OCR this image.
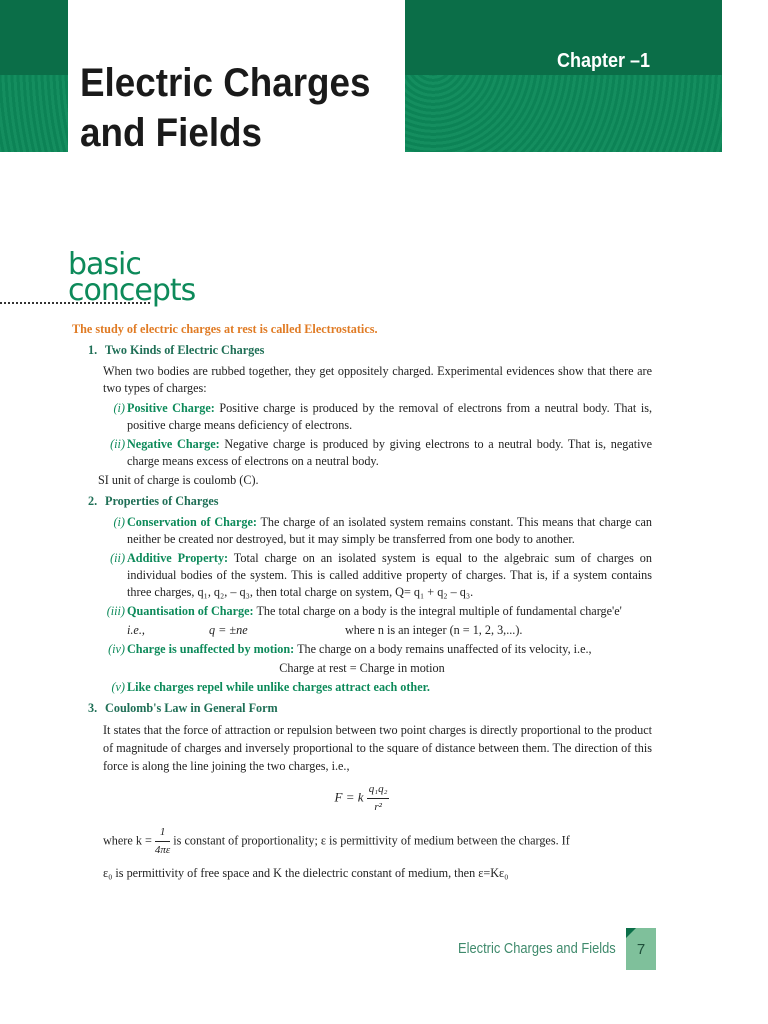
Electric Charges and Fields
Chapter –1
basic
concepts

The study of electric charges at rest is called Electrostatics.

1. Two Kinds of Electric Charges

When two bodies are rubbed together, they get oppositely charged. Experimental evidences show that there are two types of charges:

(i) Positive Charge: Positive charge is produced by the removal of electrons from a neutral body. That is, positive charge means deficiency of electrons.
(ii) Negative Charge: Negative charge is produced by giving electrons to a neutral body. That is, negative charge means excess of electrons on a neutral body.

SI unit of charge is coulomb (C).

2. Properties of Charges
(i) Conservation of Charge: The charge of an isolated system remains constant. This means that charge can neither be created nor destroyed, but it may simply be transferred from one body to another.
(ii) Additive Property: Total charge on an isolated system is equal to the algebraic sum of charges on individual bodies of the system. This is called additive property of charges. That is, if a system contains three charges, q₁, q₂, – q₃, then total charge on system, Q= q₁ + q₂ – q₃.
(iii) Quantisation of Charge: The total charge on a body is the integral multiple of fundamental charge'e'
i.e.,	q = ±ne	where n is an integer (n = 1, 2, 3,...).
(iv) Charge is unaffected by motion: The charge on a body remains unaffected of its velocity, i.e.,
Charge at rest = Charge in motion
(v) Like charges repel while unlike charges attract each other.
3. Coulomb's Law in General Form

It states that the force of attraction or repulsion between two point charges is directly proportional to the product of magnitude of charges and inversely proportional to the square of distance between them. The direction of this force is along the line joining the two charges, i.e.,

F = k $\frac{\text{q₁q₂}}{\text{r²}}$

where $k = \frac{1}{4\pi\varepsilon}$ is constant of proportionality; ε is permittivity of medium between the charges. If

ε₀ is permittivity of free space and K the dielectric constant of medium, then ε=Kε₀

Electric Charges and Fields	7
